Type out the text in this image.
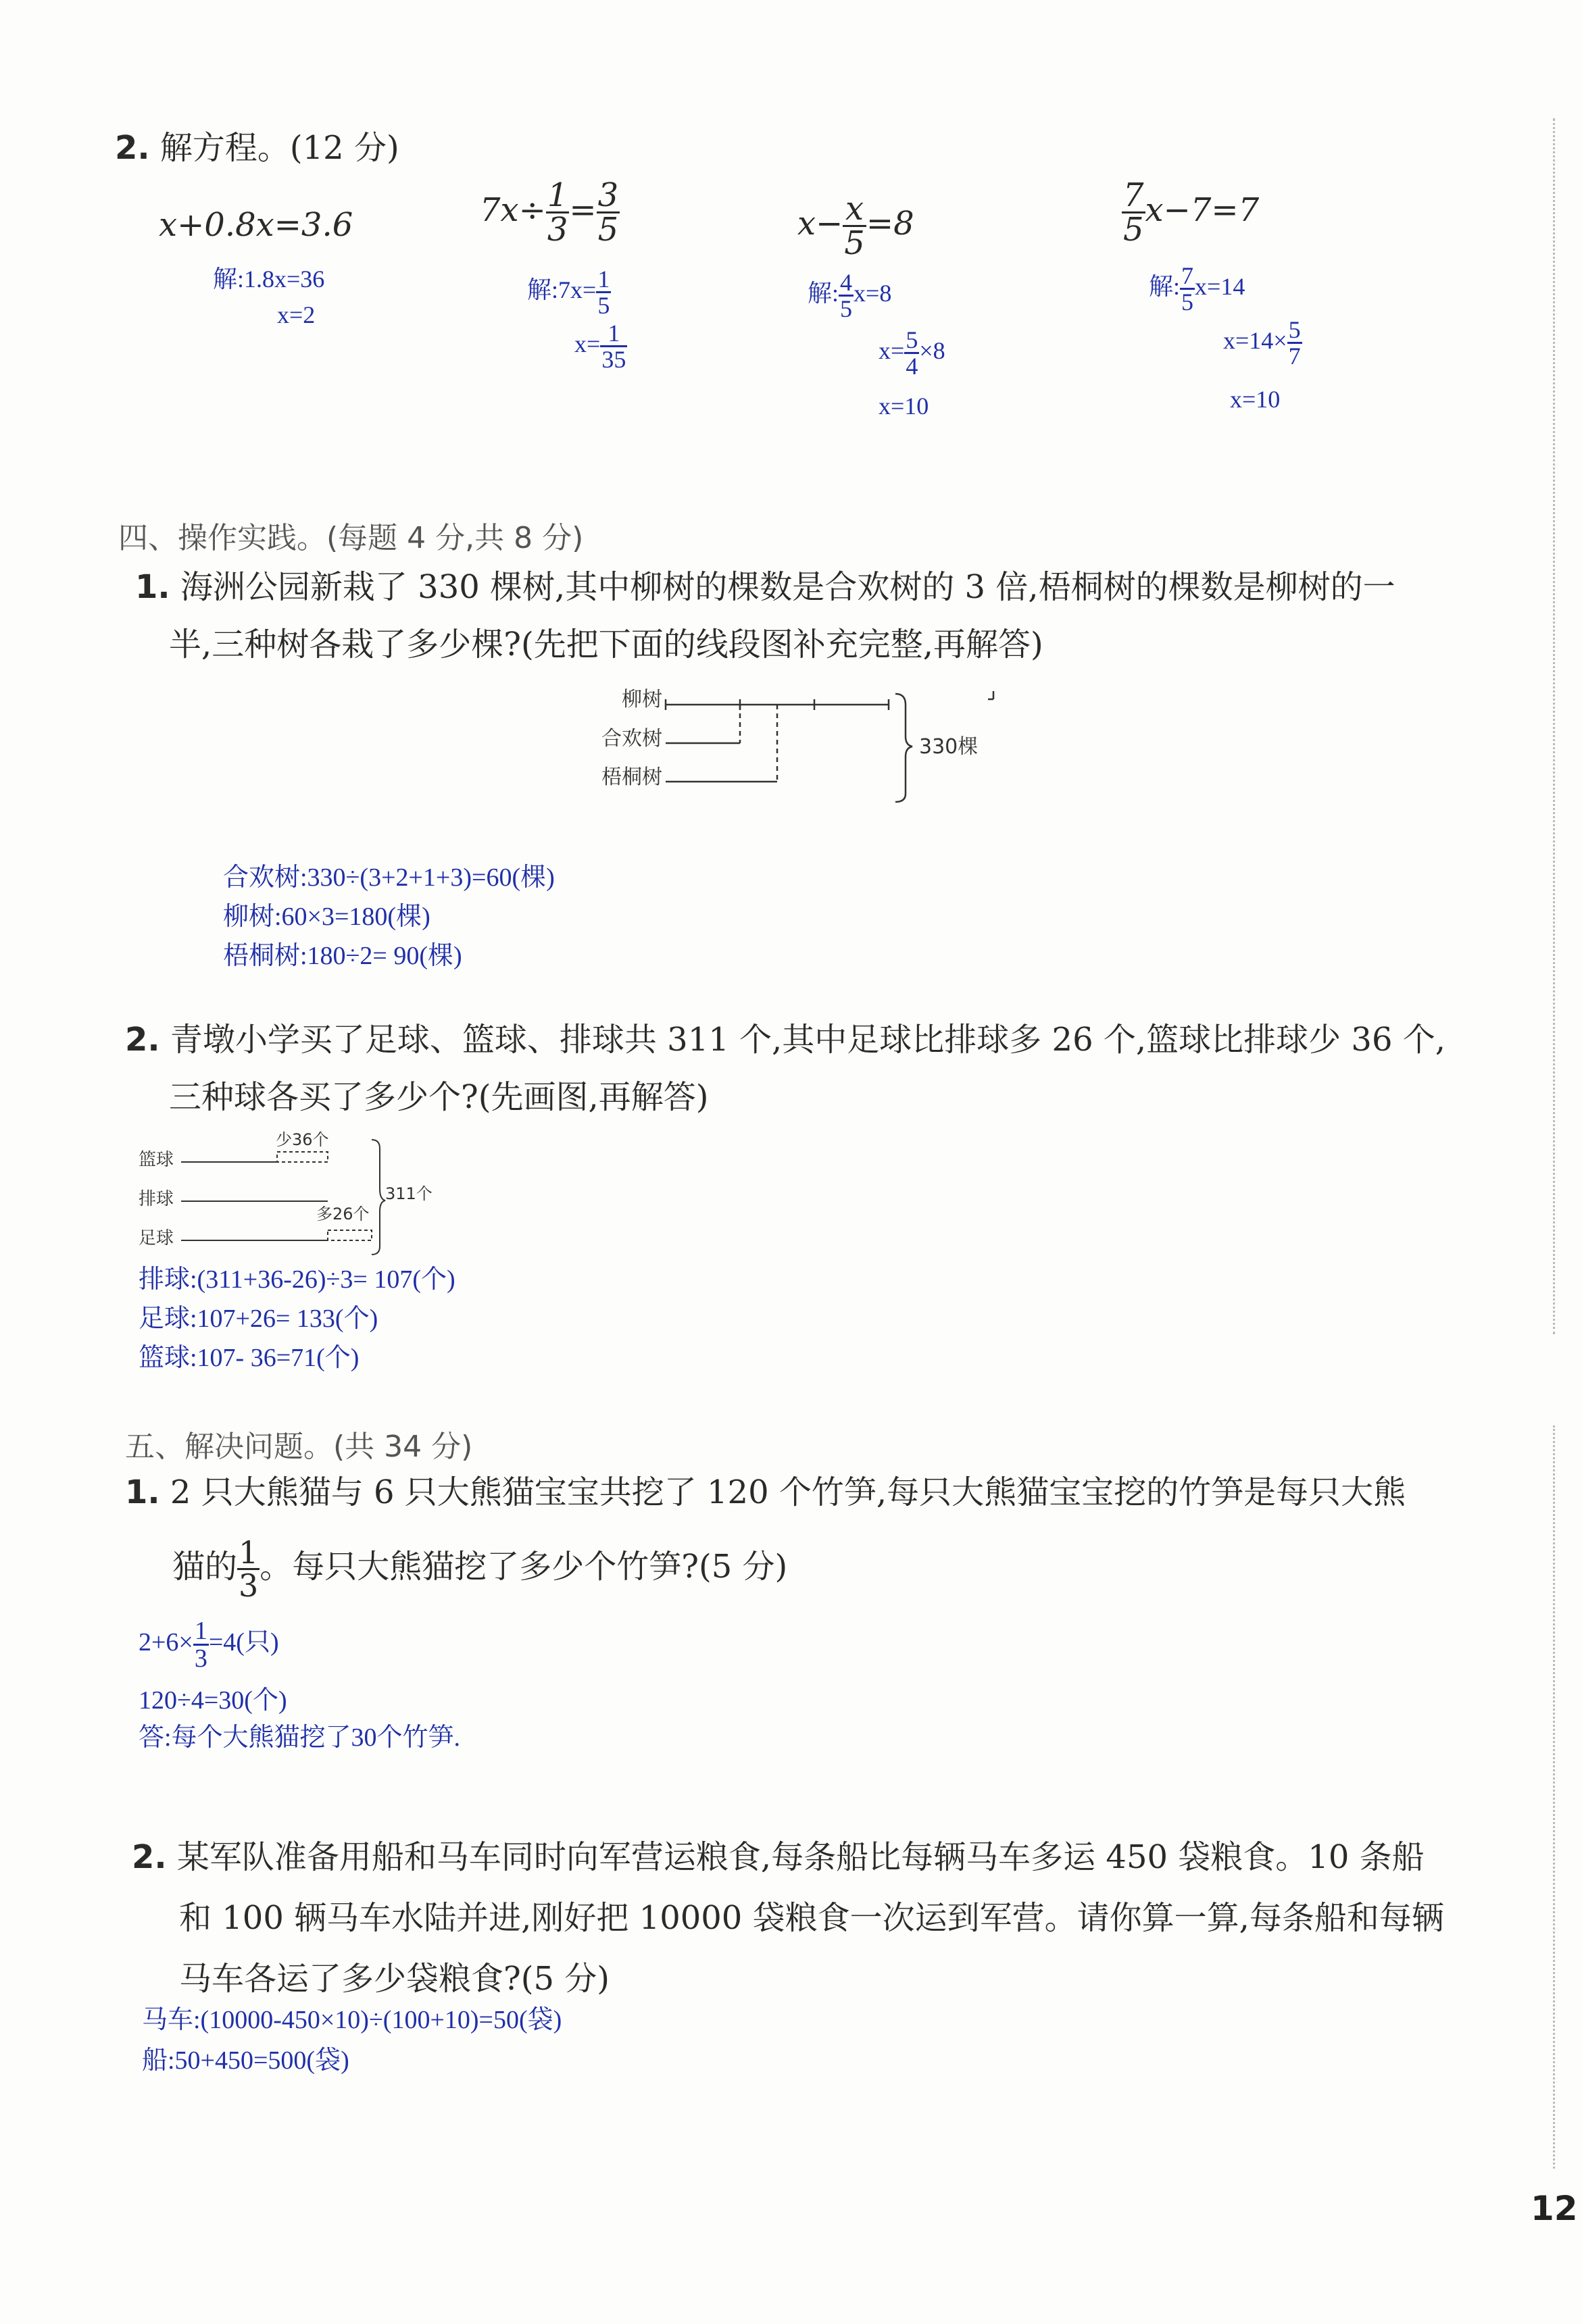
2. 解方程。(12 分)
x+0.8x=3.6
解:1.8x=36
x=2
$7x\div \frac{1}{3} = \frac{3}{5}$
解:7x= $\frac{1}{5}$
$x= \frac{1}{35}$
$x- \frac{x}{5} =8$
解: $\frac{4}{5} x=8$
$x= \frac{5}{4} \times 8$
x=10
$\frac{7}{5} x-7=7$
解: $\frac{7}{5} x=14$
$x=14\times \frac{5}{7}$
x=10
四、操作实践。(每题 4 分,共 8 分)
1. 海洲公园新栽了 330 棵树,其中柳树的棵数是合欢树的 3 倍,梧桐树的棵数是柳树的一
半,三种树各栽了多少棵?(先把下面的线段图补充完整,再解答)
柳树
合欢树
梧桐树
330棵
合欢树:330÷(3+2+1+3)=60(棵)
柳树:60×3=180(棵)
梧桐树:180÷2= 90(棵)
2. 青墩小学买了足球、篮球、排球共 311 个,其中足球比排球多 26 个,篮球比排球少 36 个,
三种球各买了多少个?(先画图,再解答)
篮球
排球
足球
少36个
多26个
311个
排球:(311+36-26)÷3= 107(个)
足球:107+26= 133(个)
篮球:107- 36=71(个)
五、解决问题。(共 34 分)
1. 2 只大熊猫与 6 只大熊猫宝宝共挖了 120 个竹笋,每只大熊猫宝宝挖的竹笋是每只大熊
猫的 $\frac{1}{3}$ 。每只大熊猫挖了多少个竹笋?(5 分)
$2+6\times \frac{1}{3} =4$(只)
120÷4=30(个)
答:每个大熊猫挖了30个竹笋.
2. 某军队准备用船和马车同时向军营运粮食,每条船比每辆马车多运 450 袋粮食。10 条船
和 100 辆马车水陆并进,刚好把 10000 袋粮食一次运到军营。请你算一算,每条船和每辆
马车各运了多少袋粮食?(5 分)
马车:(10000-450×10)÷(100+10)=50(袋)
船:50+450=500(袋)
12
